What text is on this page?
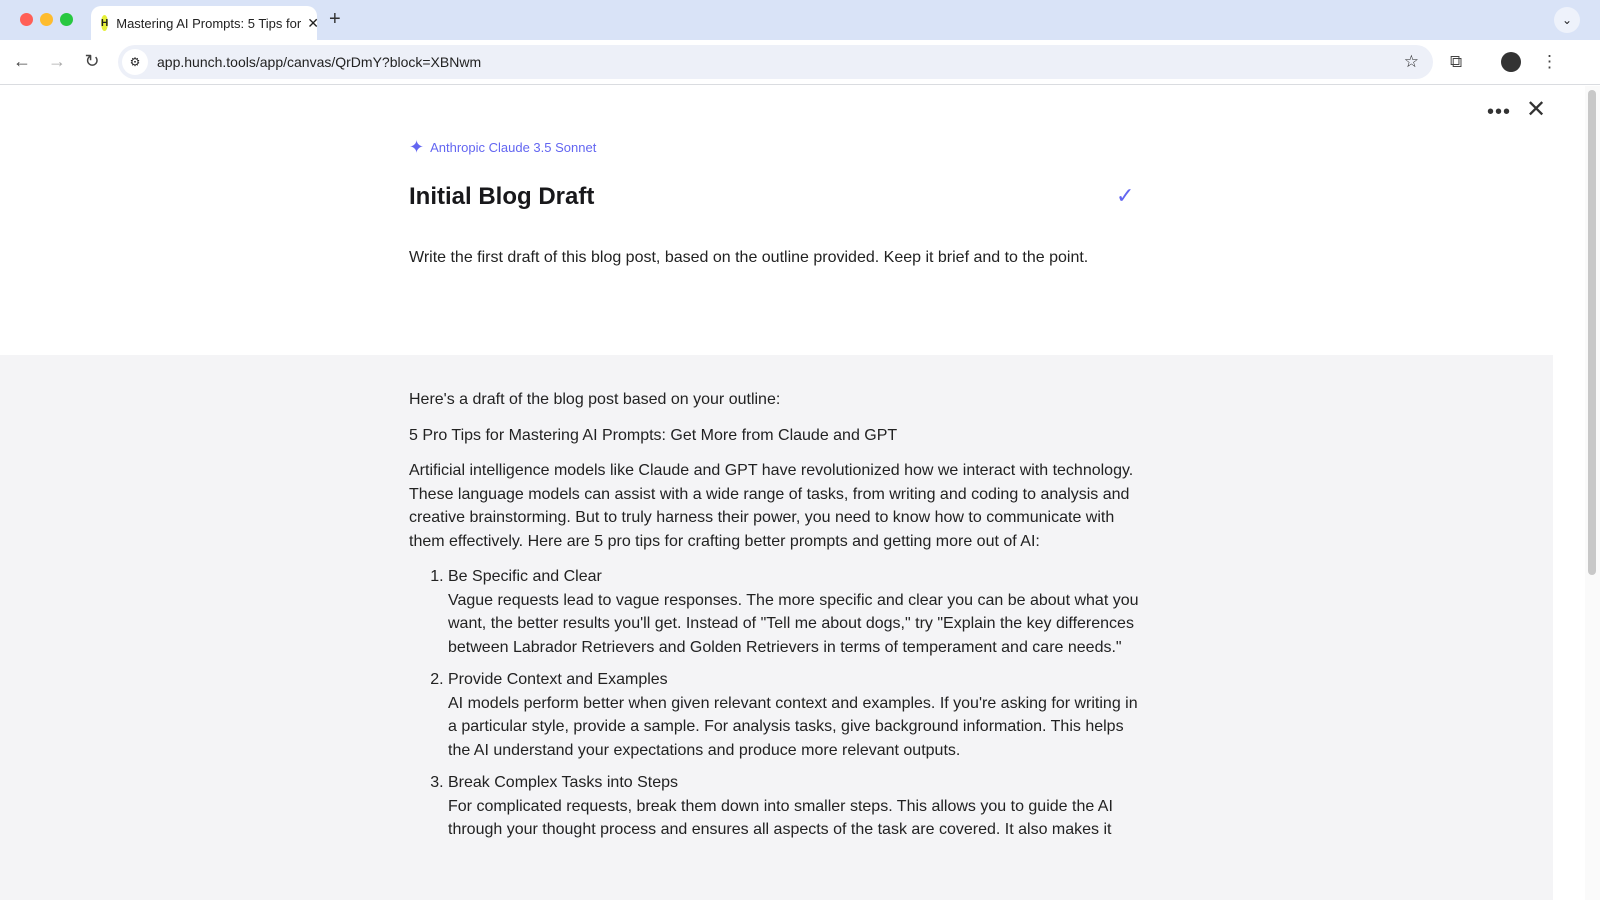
H Mastering AI Prompts: 5 Tips for ✕ +	⌄
← → ↻	⚙	app.hunch.tools/app/canvas/QrDmY?block=XBNwm	☆ ⧉	⋮
••• ✕
✦ Anthropic Claude 3.5 Sonnet
Initial Blog Draft	✓
Write the first draft of this blog post, based on the outline provided. Keep it brief and to the point.

Here's a draft of the blog post based on your outline:

5 Pro Tips for Mastering AI Prompts: Get More from Claude and GPT

Artificial intelligence models like Claude and GPT have revolutionized how we interact with technology. These language models can assist with a wide range of tasks, from writing and coding to analysis and creative brainstorming. But to truly harness their power, you need to know how to communicate with them effectively. Here are 5 pro tips for crafting better prompts and getting more out of AI:

1. Be Specific and Clear
Vague requests lead to vague responses. The more specific and clear you can be about what you want, the better results you'll get. Instead of "Tell me about dogs," try "Explain the key differences between Labrador Retrievers and Golden Retrievers in terms of temperament and care needs."
2. Provide Context and Examples
AI models perform better when given relevant context and examples. If you're asking for writing in a particular style, provide a sample. For analysis tasks, give background information. This helps the AI understand your expectations and produce more relevant outputs.
3. Break Complex Tasks into Steps
For complicated requests, break them down into smaller steps. This allows you to guide the AI through your thought process and ensures all aspects of the task are covered. It also makes it
